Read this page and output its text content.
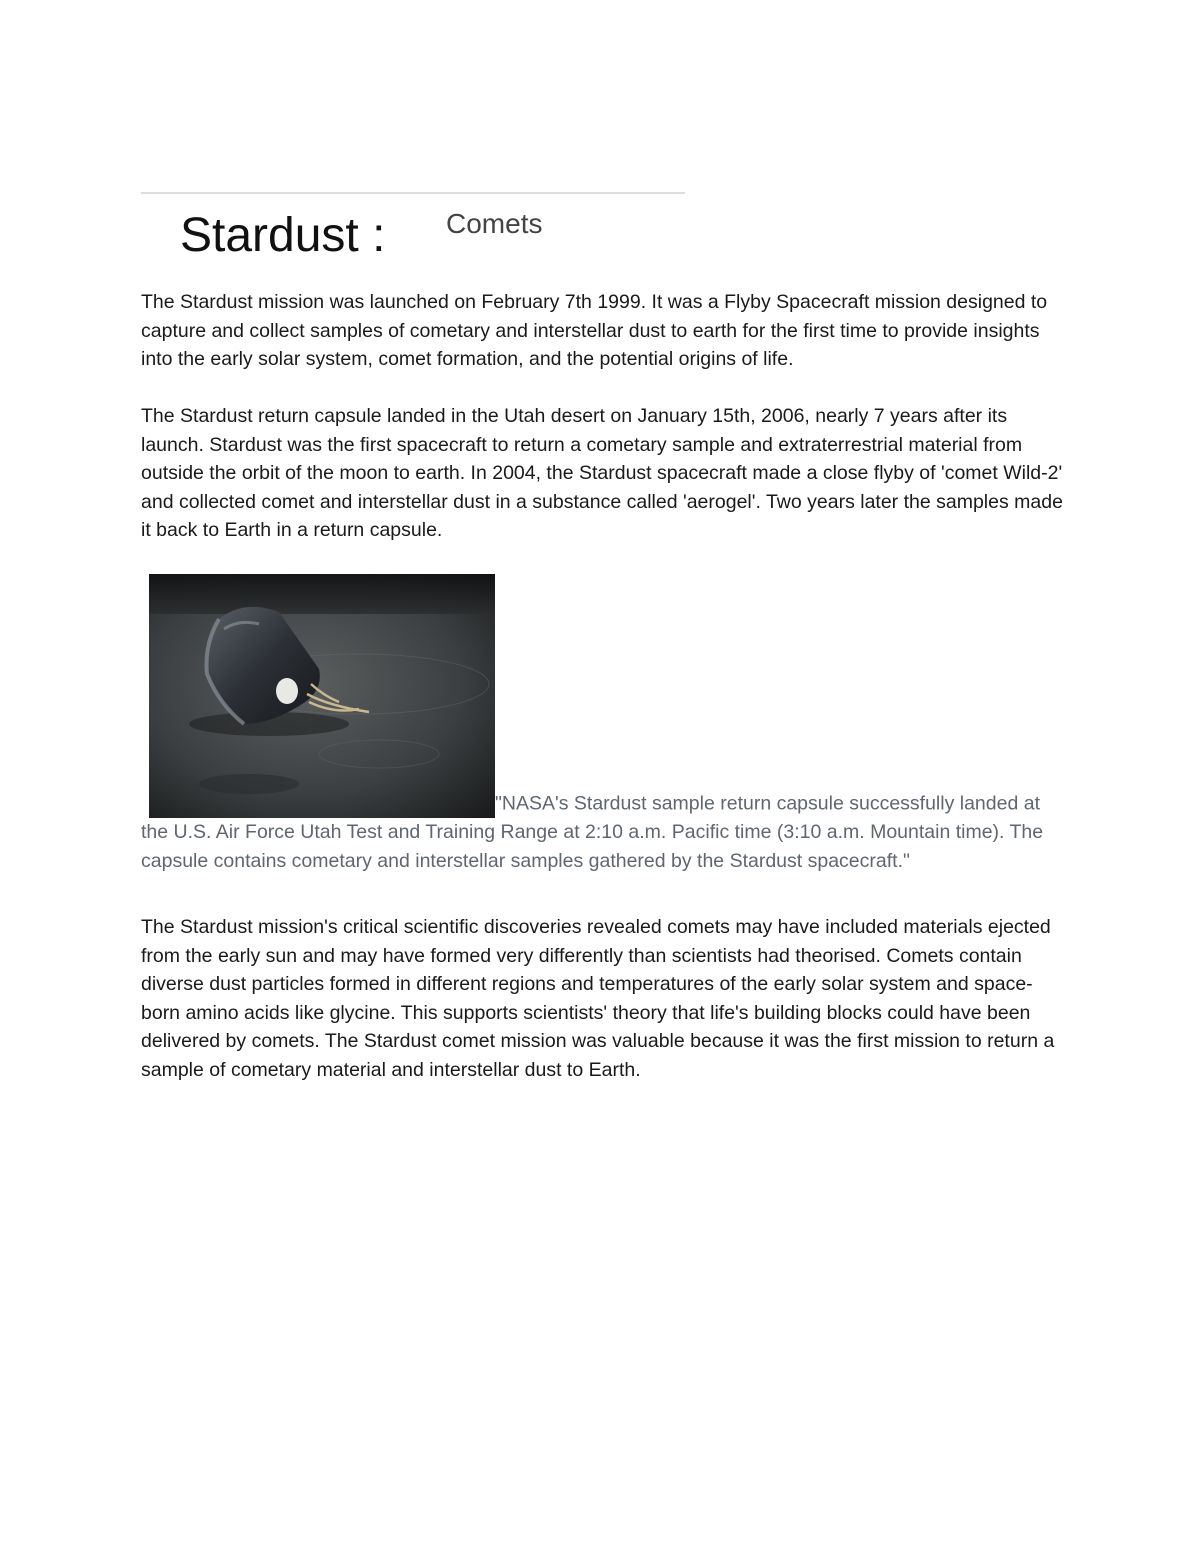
Stardust : Comets
The Stardust mission was launched on February 7th 1999. It was a Flyby Spacecraft mission designed to capture and collect samples of cometary and interstellar dust to earth for the first time to provide insights into the early solar system, comet formation, and the potential origins of life.
The Stardust return capsule landed in the Utah desert on January 15th, 2006, nearly 7 years after its launch. Stardust was the first spacecraft to return a cometary sample and extraterrestrial material from outside the orbit of the moon to earth. In 2004, the Stardust spacecraft made a close flyby of 'comet Wild-2' and collected comet and interstellar dust in a substance called 'aerogel'. Two years later the samples made it back to Earth in a return capsule.
"NASA's Stardust sample return capsule successfully landed at the U.S. Air Force Utah Test and Training Range at 2:10 a.m. Pacific time (3:10 a.m. Mountain time). The capsule contains cometary and interstellar samples gathered by the Stardust spacecraft."
The Stardust mission's critical scientific discoveries revealed comets may have included materials ejected from the early sun and may have formed very differently than scientists had theorised. Comets contain diverse dust particles formed in different regions and temperatures of the early solar system and space-born amino acids like glycine. This supports scientists' theory that life's building blocks could have been delivered by comets. The Stardust comet mission was valuable because it was the first mission to return a sample of cometary material and interstellar dust to Earth.
